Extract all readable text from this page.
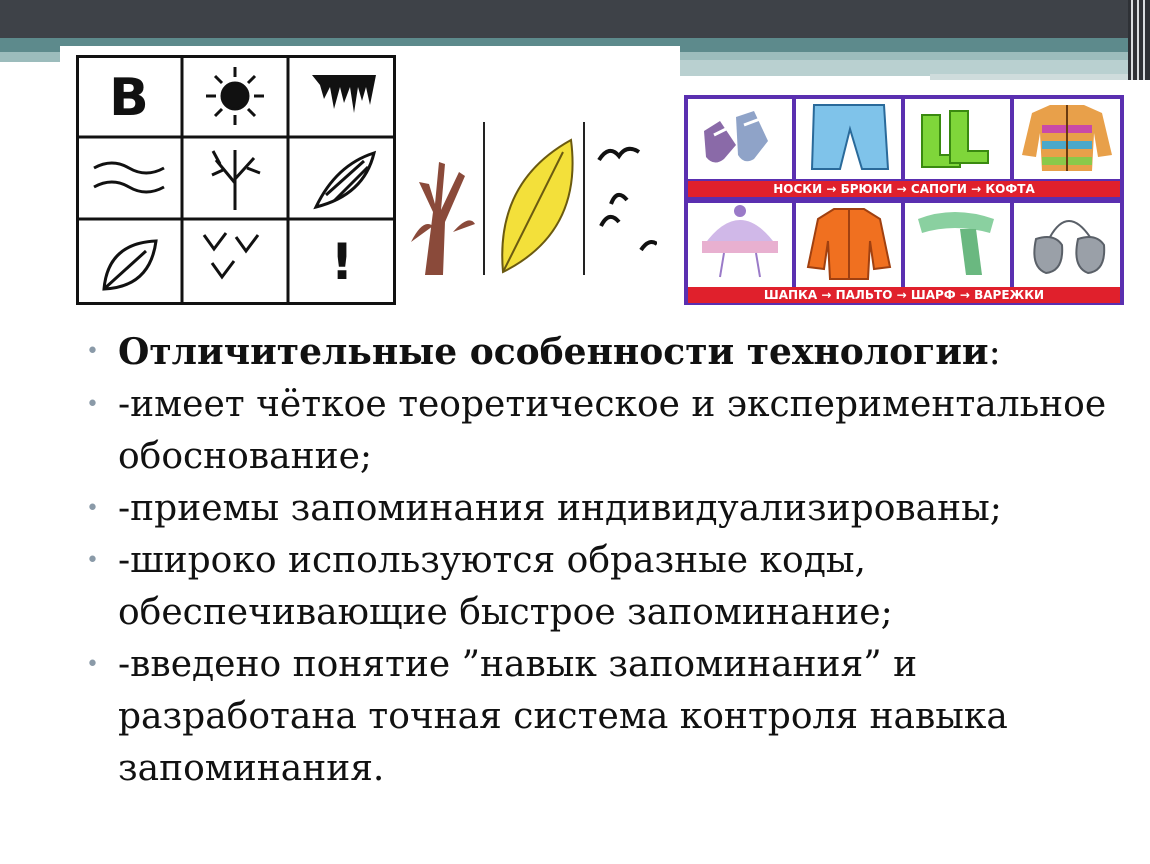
B
!
НОСКИ → БРЮКИ → САПОГИ → КОФТА
ШАПКА → ПАЛЬТО → ШАРФ → ВАРЕЖКИ
• Отличительные особенности технологии:
• -имеет чёткое теоретическое и экспериментальное обоснование;
• -приемы запоминания индивидуализированы;
• -широко используются образные коды, обеспечивающие быстрое запоминание;
• -введено понятие ”навык запоминания” и разработана точная система контроля навыка запоминания.
